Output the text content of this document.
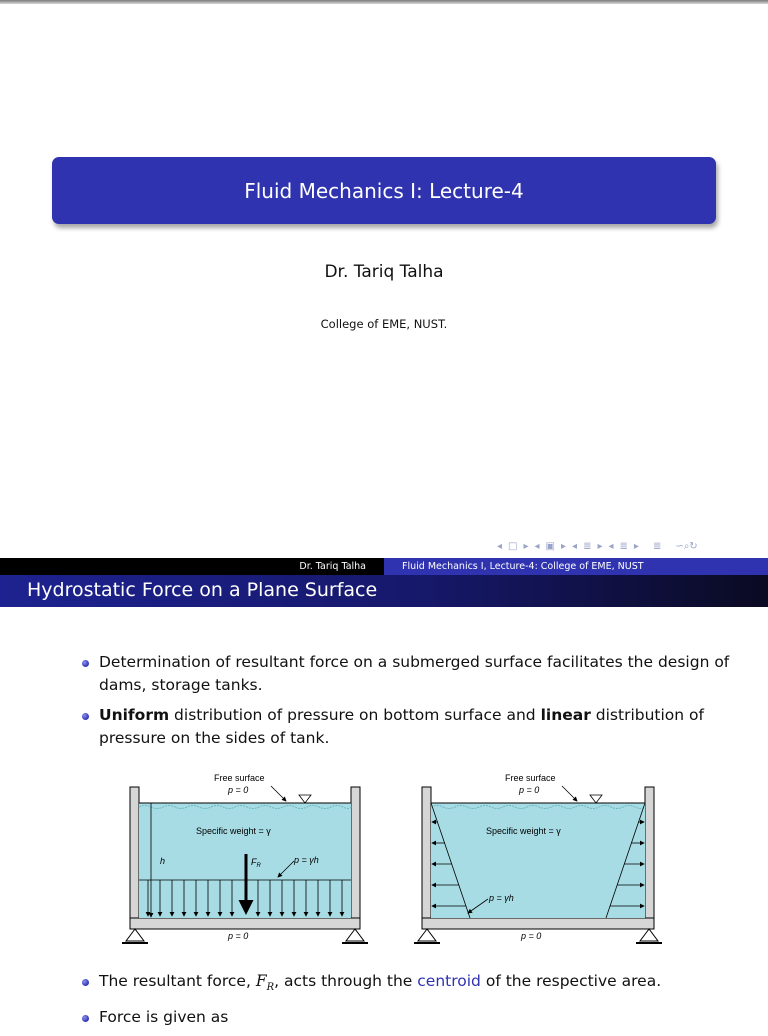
Fluid Mechanics I: Lecture-4
Dr. Tariq Talha
College of EME, NUST.
◂ □ ▸ ◂ ▣ ▸ ◂ ≣ ▸ ◂ ≣ ▸ ≣ ∽⌕↻
Dr. Tariq Talha	Fluid Mechanics I, Lecture-4: College of EME, NUST
Hydrostatic Force on a Plane Surface
Determination of resultant force on a submerged surface facilitates the design of dams, storage tanks.
Uniform distribution of pressure on bottom surface and linear distribution of pressure on the sides of tank.
h	$F_R$
Free surface
p = 0
Specific weight = γ
p = γh
p = 0
Free surface
p = 0
Specific weight = γ
p = γh
p = 0
The resultant force, $F_R$, acts through the centroid of the respective area.
Force is given as
